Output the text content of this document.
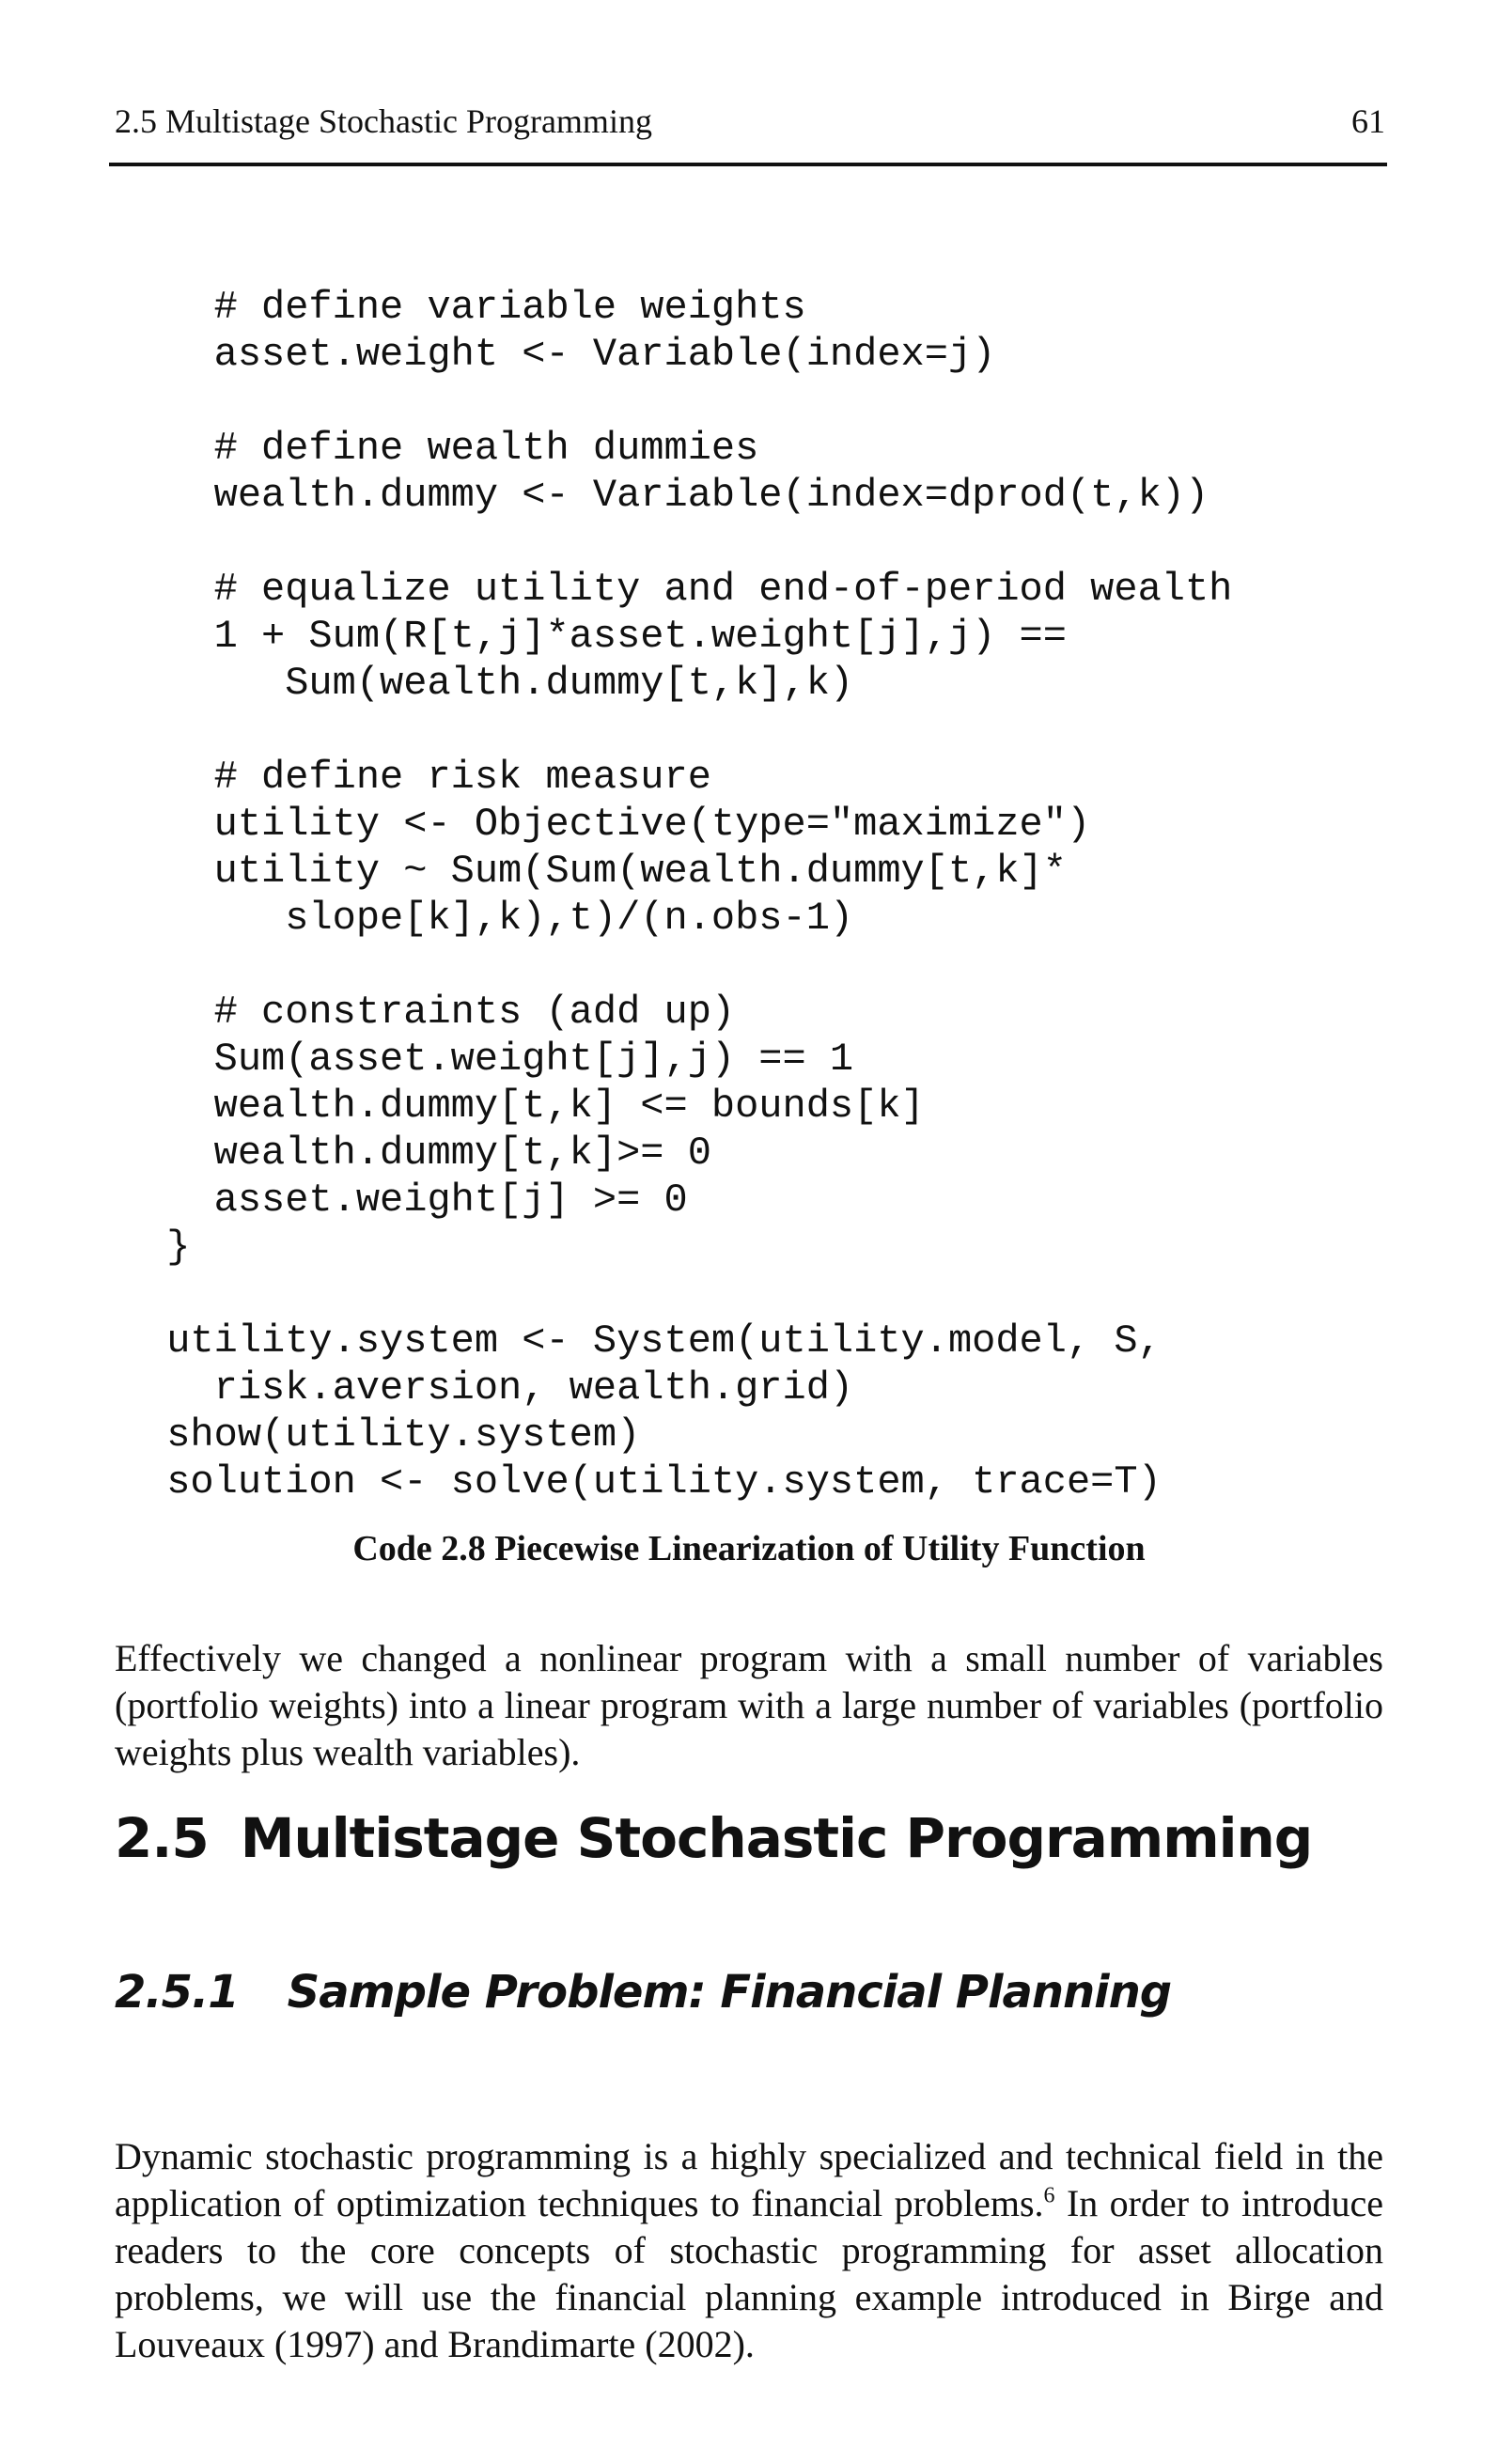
2.5 Multistage Stochastic Programming	61
# define variable weights
asset.weight <- Variable(index=j)
# define wealth dummies
wealth.dummy <- Variable(index=dprod(t,k))
# equalize utility and end-of-period wealth
1 + Sum(R[t,j]*asset.weight[j],j) ==
Sum(wealth.dummy[t,k],k)
# define risk measure
utility <- Objective(type="maximize")
utility ~ Sum(Sum(wealth.dummy[t,k]*
slope[k],k),t)/(n.obs-1)
# constraints (add up)
Sum(asset.weight[j],j) == 1
wealth.dummy[t,k] <= bounds[k]
wealth.dummy[t,k]>= 0
asset.weight[j] >= 0
}
utility.system <- System(utility.model, S,
risk.aversion, wealth.grid)
show(utility.system)
solution <- solve(utility.system, trace=T)
Code 2.8 Piecewise Linearization of Utility Function

Effectively we changed a nonlinear program with a small number of variables (portfolio weights) into a linear program with a large number of variables (portfolio weights plus wealth variables).

2.5 Multistage Stochastic Programming
2.5.1 Sample Problem: Financial Planning

Dynamic stochastic programming is a highly specialized and technical field in the application of optimization techniques to financial problems.$^6$ In order to introduce readers to the core concepts of stochastic programming for asset allocation problems, we will use the financial planning example introduced in Birge and Louveaux (1997) and Brandimarte (2002).
